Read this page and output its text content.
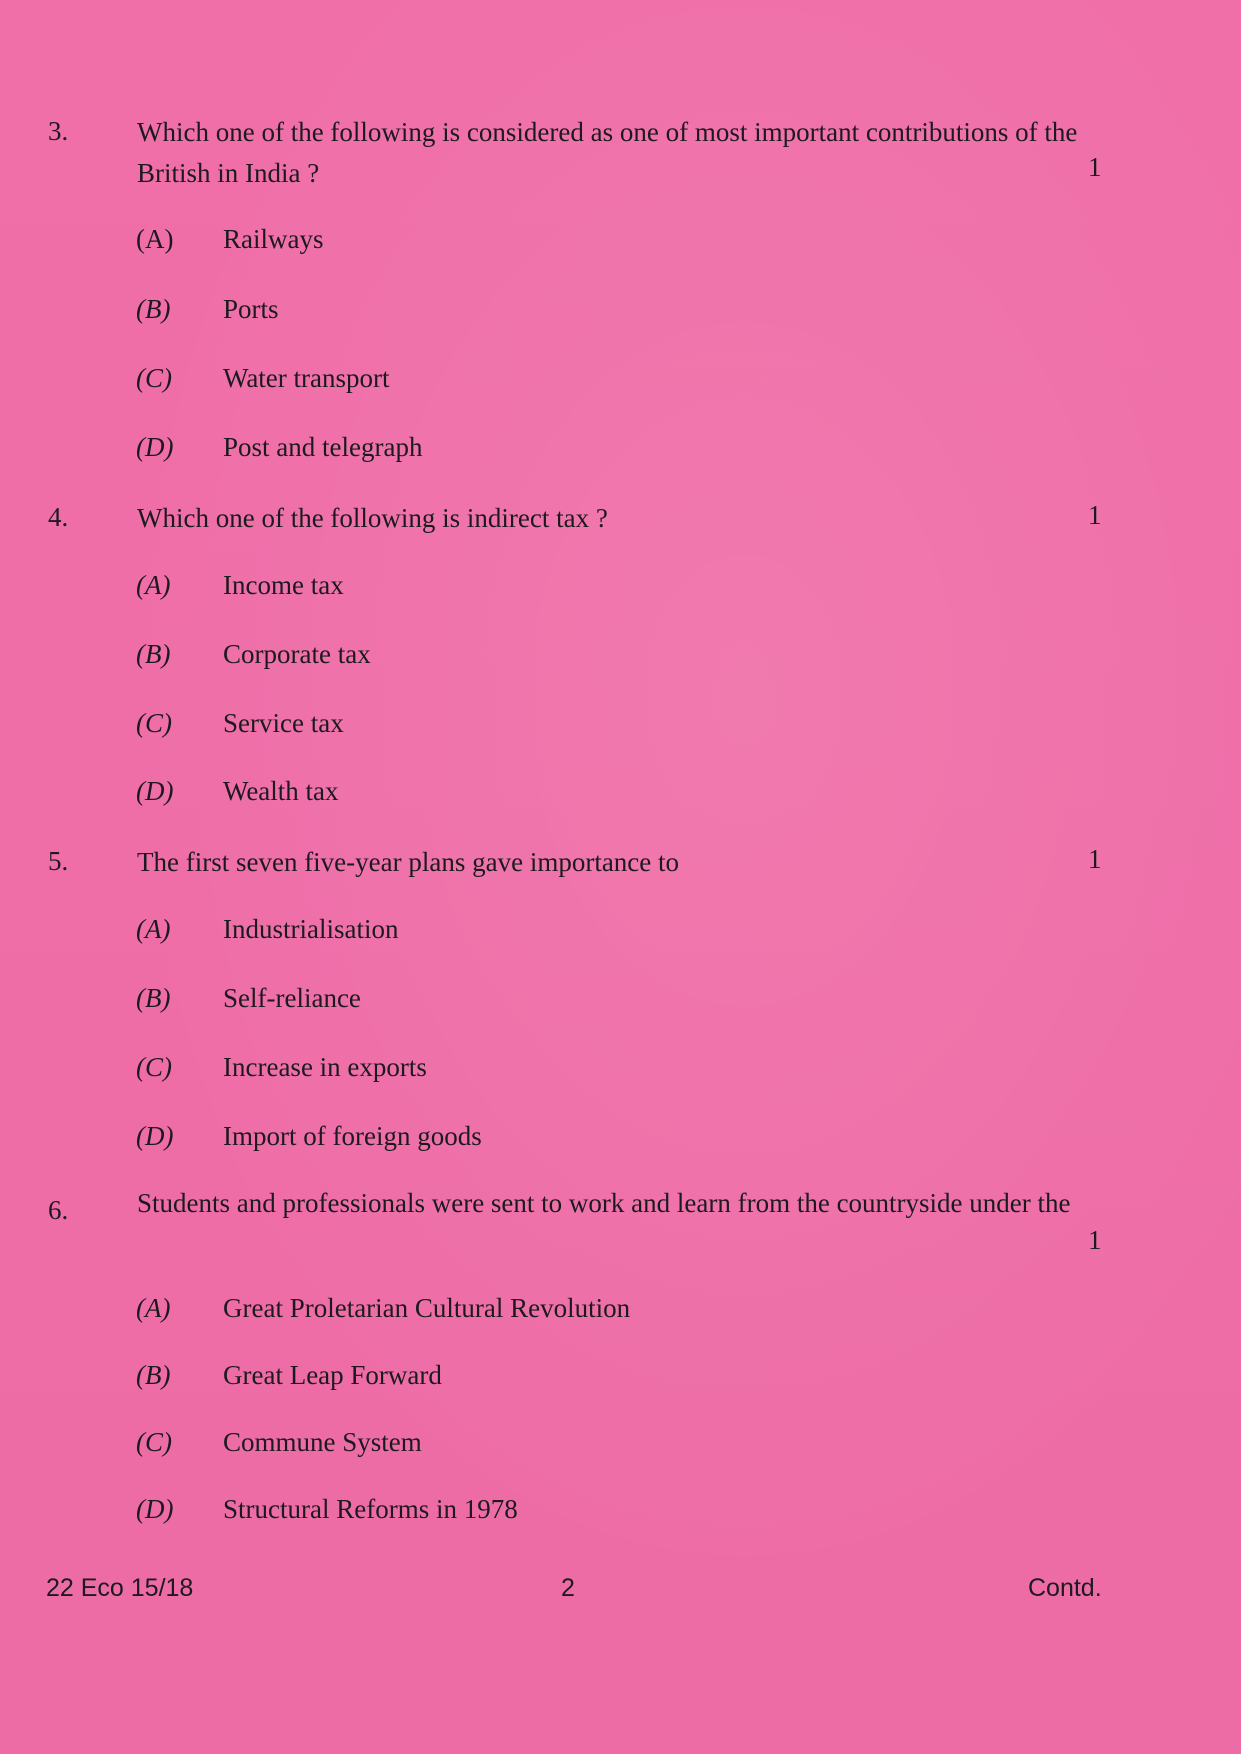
3.	Which one of the following is considered as one of most important contributions of the British in India ?	1
(A) Railways
(B) Ports
(C) Water transport
(D) Post and telegraph
4.	Which one of the following is indirect tax ?	1
(A) Income tax
(B) Corporate tax
(C) Service tax
(D) Wealth tax
5.	The first seven five-year plans gave importance to	1
(A) Industrialisation
(B) Self-reliance
(C) Increase in exports
(D) Import of foreign goods
6.	Students and professionals were sent to work and learn from the countryside under the
1
(A) Great Proletarian Cultural Revolution
(B) Great Leap Forward
(C) Commune System
(D) Structural Reforms in 1978
22 Eco 15/18	2	Contd.
